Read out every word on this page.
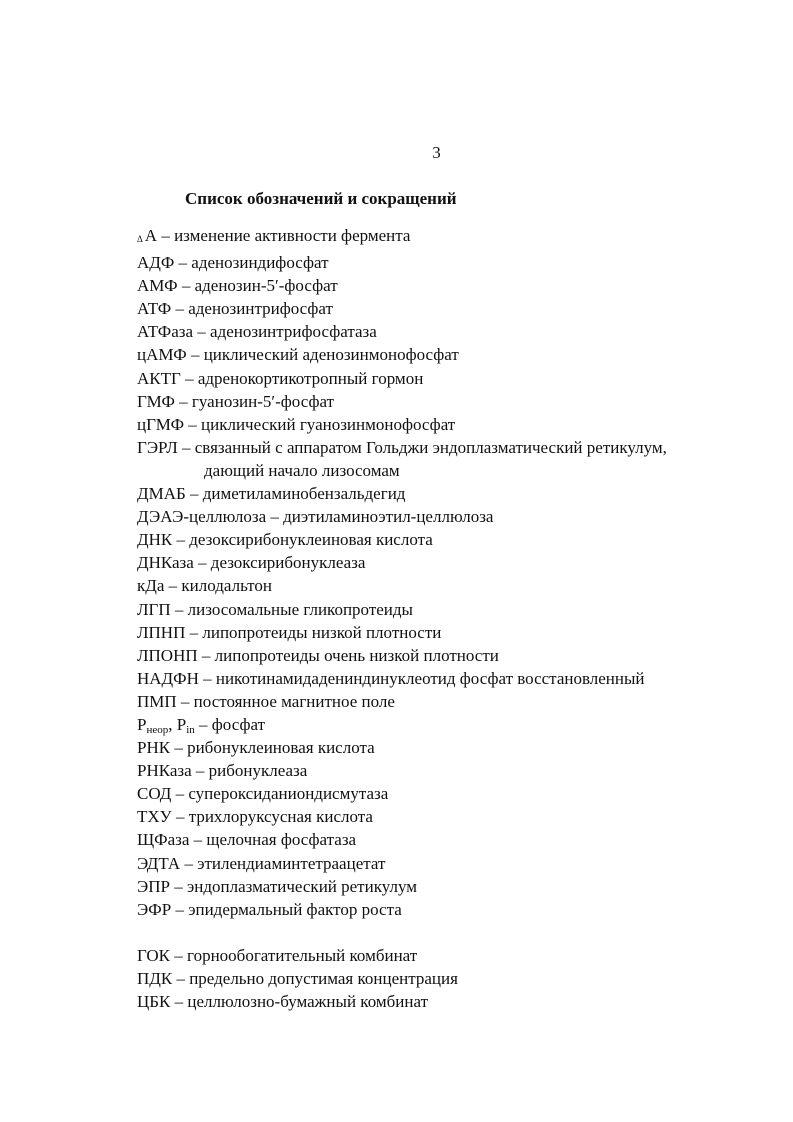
3
Список обозначений и сокращений
Δ А – изменение активности фермента
АДФ – аденозиндифосфат
АМФ – аденозин-5′-фосфат
АТФ – аденозинтрифосфат
АТФаза – аденозинтрифосфатаза
цАМФ – циклический аденозинмонофосфат
АКТГ – адренокортикотропный гормон
ГМФ – гуанозин-5′-фосфат
цГМФ – циклический гуанозинмонофосфат
ГЭРЛ – связанный с аппаратом Гольджи эндоплазматический ретикулум,
дающий начало лизосомам
ДМАБ – диметиламинобензальдегид
ДЭАЭ-целлюлоза – диэтиламиноэтил-целлюлоза
ДНК – дезоксирибонуклеиновая кислота
ДНКаза – дезоксирибонуклеаза
кДа – килодальтон
ЛГП – лизосомальные гликопротеиды
ЛПНП – липопротеиды низкой плотности
ЛПОНП – липопротеиды очень низкой плотности
НАДФН – никотинамидадениндинуклеотид фосфат восстановленный
ПМП – постоянное магнитное поле
$P_{неор}$, $P_{in}$ – фосфат
РНК – рибонуклеиновая кислота
РНКаза – рибонуклеаза
СОД – супероксиданиондисмутаза
ТХУ – трихлоруксусная кислота
ЩФаза – щелочная фосфатаза
ЭДТА – этилендиаминтетраацетат
ЭПР – эндоплазматический ретикулум
ЭФР – эпидермальный фактор роста
ГОК – горнообогатительный комбинат
ПДК – предельно допустимая концентрация
ЦБК – целлюлозно-бумажный комбинат
